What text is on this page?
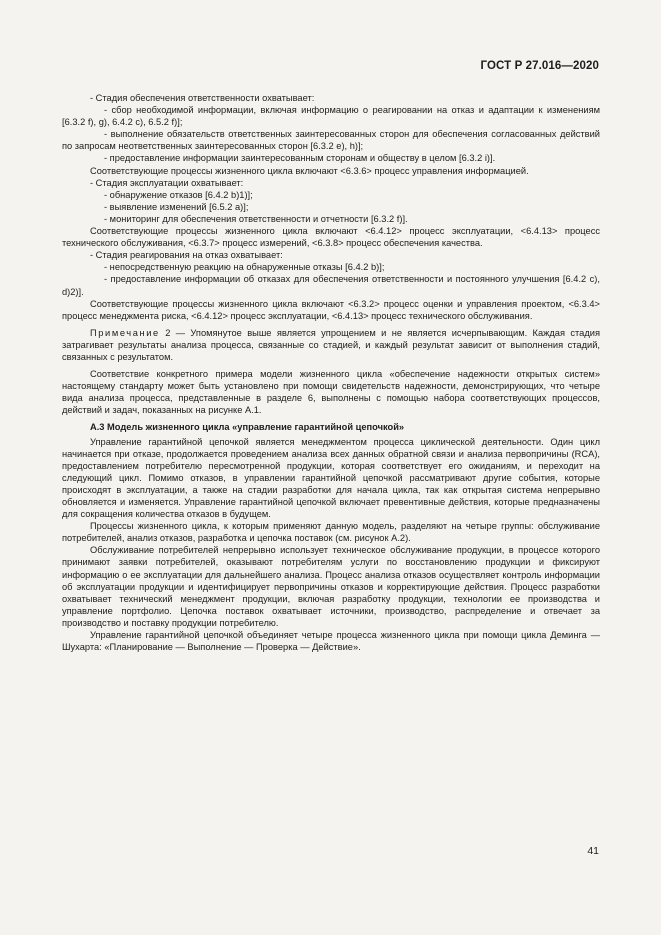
ГОСТ Р 27.016—2020

- Стадия обеспечения ответственности охватывает:

- сбор необходимой информации, включая информацию о реагировании на отказ и адаптации к изменениям [6.3.2 f), g), 6.4.2 c), 6.5.2 f)];

- выполнение обязательств ответственных заинтересованных сторон для обеспечения согласованных действий по запросам неответственных заинтересованных сторон [6.3.2 e), h)];

- предоставление информации заинтересованным сторонам и обществу в целом [6.3.2 i)].

Соответствующие процессы жизненного цикла включают <6.3.6> процесс управления информацией.

- Стадия эксплуатации охватывает:

- обнаружение отказов [6.4.2 b)1)];

- выявление изменений [6.5.2 a)];

- мониторинг для обеспечения ответственности и отчетности [6.3.2 f)].

Соответствующие процессы жизненного цикла включают <6.4.12> процесс эксплуатации, <6.4.13> процесс технического обслуживания, <6.3.7> процесс измерений, <6.3.8> процесс обеспечения качества.

- Стадия реагирования на отказ охватывает:

- непосредственную реакцию на обнаруженные отказы [6.4.2 b)];

- предоставление информации об отказах для обеспечения ответственности и постоянного улучшения [6.4.2 c), d)2)].

Соответствующие процессы жизненного цикла включают <6.3.2> процесс оценки и управления проектом, <6.3.4> процесс менеджмента риска, <6.4.12> процесс эксплуатации, <6.4.13> процесс технического обслуживания.

Примечание 2 — Упомянутое выше является упрощением и не является исчерпывающим. Каждая стадия затрагивает результаты анализа процесса, связанные со стадией, и каждый результат зависит от выполнения стадий, связанных с результатом.

Соответствие конкретного примера модели жизненного цикла «обеспечение надежности открытых систем» настоящему стандарту может быть установлено при помощи свидетельств надежности, демонстрирующих, что четыре вида анализа процесса, представленные в разделе 6, выполнены с помощью набора соответствующих процессов, действий и задач, показанных на рисунке А.1.

А.3 Модель жизненного цикла «управление гарантийной цепочкой»

Управление гарантийной цепочкой является менеджментом процесса циклической деятельности. Один цикл начинается при отказе, продолжается проведением анализа всех данных обратной связи и анализа первопричины (RCA), предоставлением потребителю пересмотренной продукции, которая соответствует его ожиданиям, и переходит на следующий цикл. Помимо отказов, в управлении гарантийной цепочкой рассматривают другие события, которые происходят в эксплуатации, а также на стадии разработки для начала цикла, так как открытая система непрерывно обновляется и изменяется. Управление гарантийной цепочкой включает превентивные действия, которые предназначены для сокращения количества отказов в будущем.

Процессы жизненного цикла, к которым применяют данную модель, разделяют на четыре группы: обслуживание потребителей, анализ отказов, разработка и цепочка поставок (см. рисунок А.2).

Обслуживание потребителей непрерывно использует техническое обслуживание продукции, в процессе которого принимают заявки потребителей, оказывают потребителям услуги по восстановлению продукции и фиксируют информацию о ее эксплуатации для дальнейшего анализа. Процесс анализа отказов осуществляет контроль информации об эксплуатации продукции и идентифицирует первопричины отказов и корректирующие действия. Процесс разработки охватывает технический менеджмент продукции, включая разработку продукции, технологии ее производства и управление портфолио. Цепочка поставок охватывает источники, производство, распределение и отвечает за производство и поставку продукции потребителю.

Управление гарантийной цепочкой объединяет четыре процесса жизненного цикла при помощи цикла Деминга — Шухарта: «Планирование — Выполнение — Проверка — Действие».

41
